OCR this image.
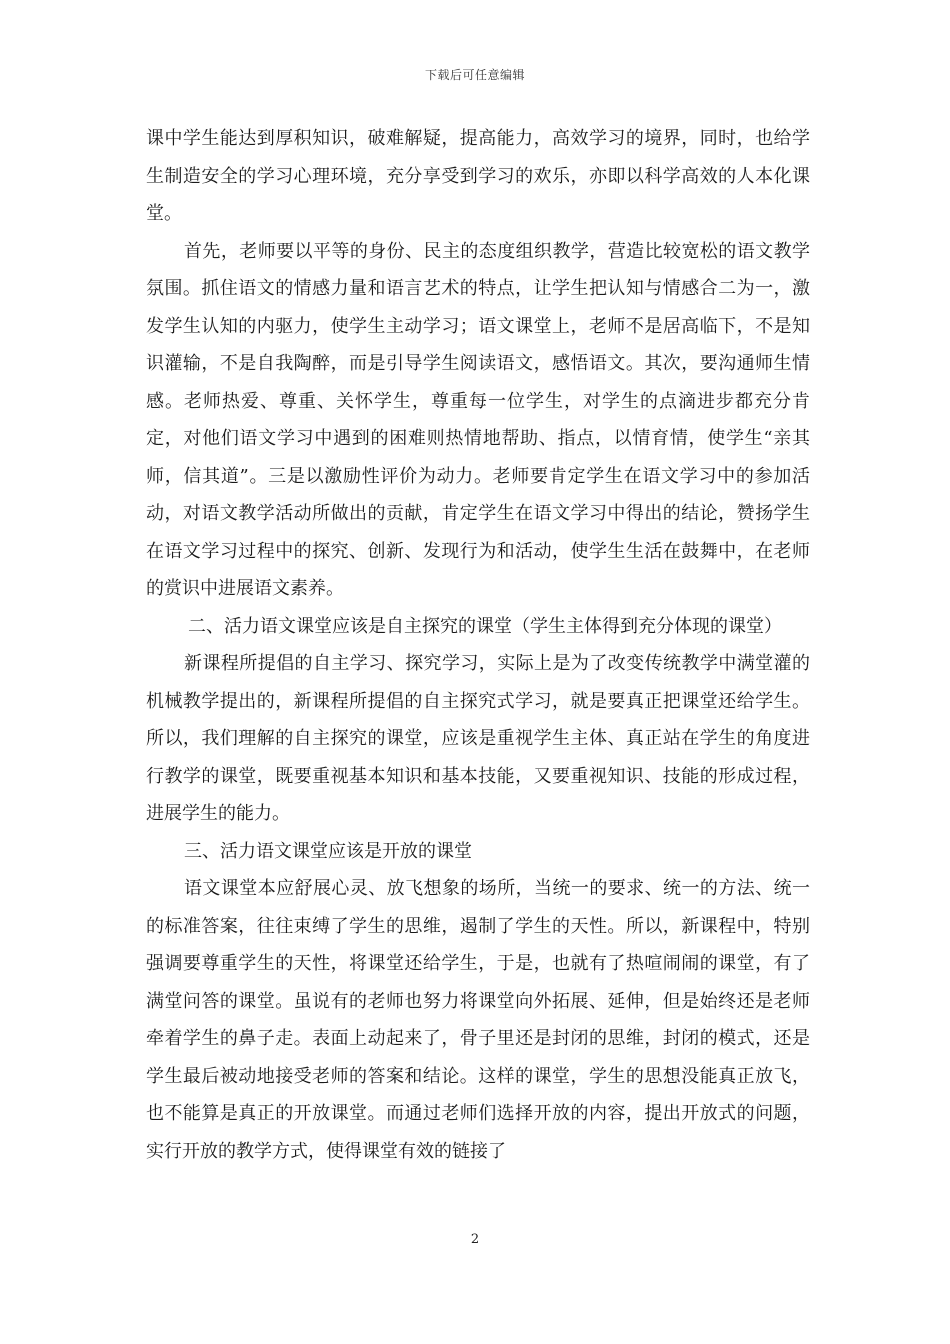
下载后可任意编辑

课中学生能达到厚积知识，破难解疑，提高能力，高效学习的境界，同时，也给学生制造安全的学习心理环境，充分享受到学习的欢乐，亦即以科学高效的人本化课堂。

首先，老师要以平等的身份、民主的态度组织教学，营造比较宽松的语文教学氛围。抓住语文的情感力量和语言艺术的特点，让学生把认知与情感合二为一，激发学生认知的内驱力，使学生主动学习；语文课堂上，老师不是居高临下，不是知识灌输，不是自我陶醉，而是引导学生阅读语文，感悟语文。其次，要沟通师生情感。老师热爱、尊重、关怀学生，尊重每一位学生，对学生的点滴进步都充分肯定，对他们语文学习中遇到的困难则热情地帮助、指点，以情育情，使学生“亲其师，信其道”。三是以激励性评价为动力。老师要肯定学生在语文学习中的参加活动，对语文教学活动所做出的贡献，肯定学生在语文学习中得出的结论，赞扬学生在语文学习过程中的探究、创新、发现行为和活动，使学生生活在鼓舞中，在老师的赏识中进展语文素养。

二、活力语文课堂应该是自主探究的课堂（学生主体得到充分体现的课堂）

新课程所提倡的自主学习、探究学习，实际上是为了改变传统教学中满堂灌的机械教学提出的，新课程所提倡的自主探究式学习，就是要真正把课堂还给学生。所以，我们理解的自主探究的课堂，应该是重视学生主体、真正站在学生的角度进行教学的课堂，既要重视基本知识和基本技能，又要重视知识、技能的形成过程，进展学生的能力。

三、活力语文课堂应该是开放的课堂

语文课堂本应舒展心灵、放飞想象的场所，当统一的要求、统一的方法、统一的标准答案，往往束缚了学生的思维，遏制了学生的天性。所以，新课程中，特别强调要尊重学生的天性，将课堂还给学生，于是，也就有了热喧闹闹的课堂，有了满堂问答的课堂。虽说有的老师也努力将课堂向外拓展、延伸，但是始终还是老师牵着学生的鼻子走。表面上动起来了，骨子里还是封闭的思维，封闭的模式，还是学生最后被动地接受老师的答案和结论。这样的课堂，学生的思想没能真正放飞，也不能算是真正的开放课堂。而通过老师们选择开放的内容，提出开放式的问题，实行开放的教学方式，使得课堂有效的链接了

2
